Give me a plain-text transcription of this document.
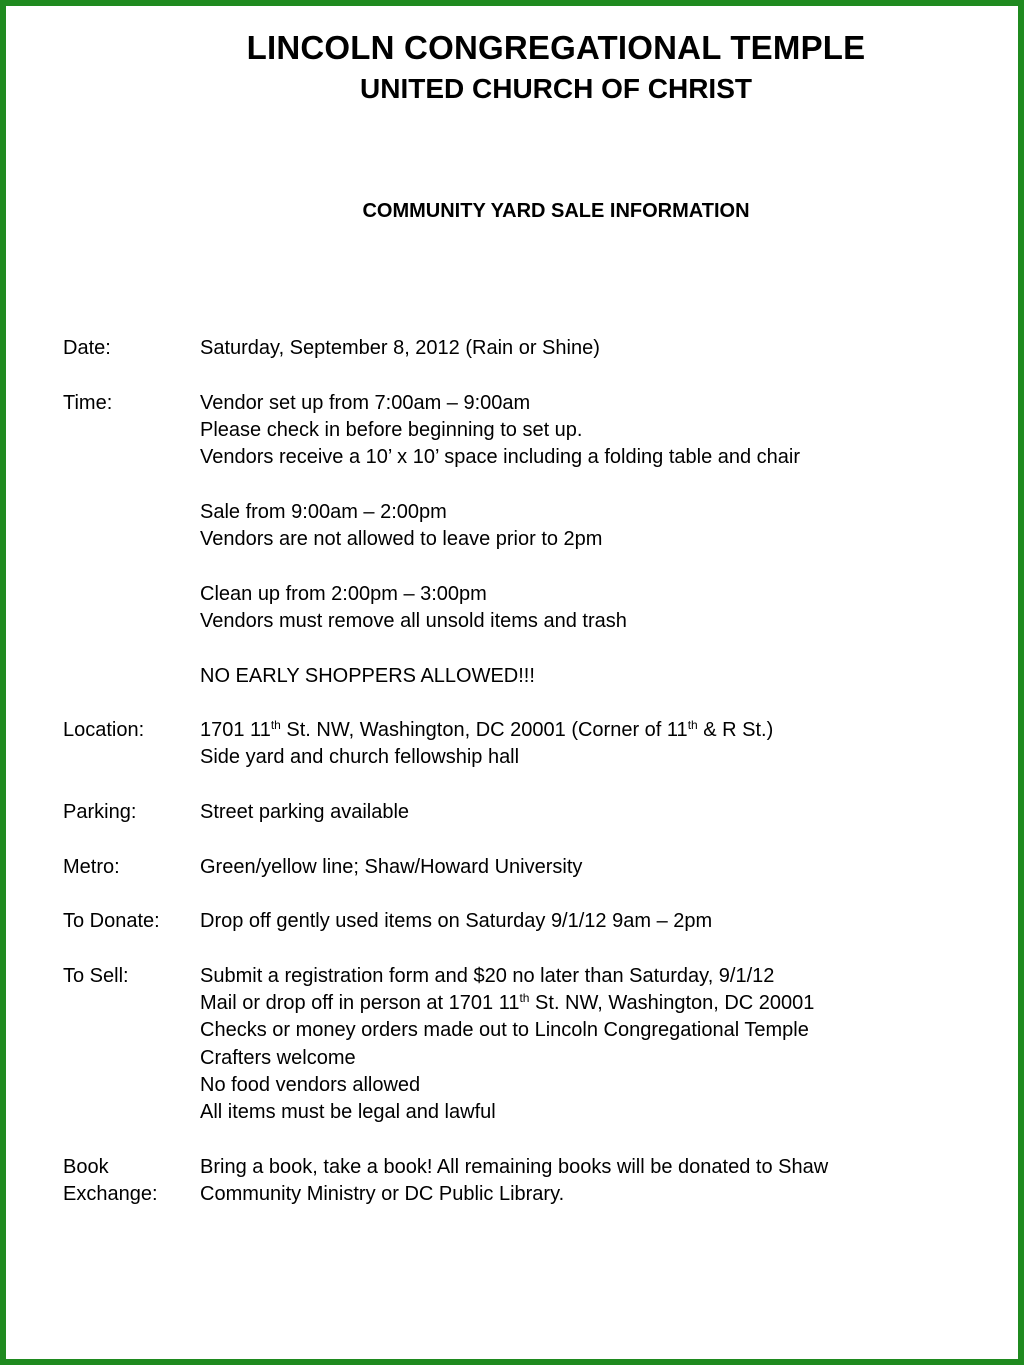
LINCOLN CONGREGATIONAL TEMPLE
UNITED CHURCH OF CHRIST
COMMUNITY YARD SALE INFORMATION
Date:	Saturday, September 8, 2012 (Rain or Shine)
Time:	Vendor set up from 7:00am – 9:00am
Please check in before beginning to set up.
Vendors receive a 10’ x 10’ space including a folding table and chair
Sale from 9:00am – 2:00pm
Vendors are not allowed to leave prior to 2pm
Clean up from 2:00pm – 3:00pm
Vendors must remove all unsold items and trash
NO EARLY SHOPPERS ALLOWED!!!
Location:	1701 11th St. NW, Washington, DC 20001 (Corner of 11th & R St.)
Side yard and church fellowship hall
Parking:	Street parking available
Metro:	Green/yellow line; Shaw/Howard University
To Donate:	Drop off gently used items on Saturday 9/1/12 9am – 2pm
To Sell:	Submit a registration form and $20 no later than Saturday, 9/1/12
Mail or drop off in person at 1701 11th St. NW, Washington, DC 20001
Checks or money orders made out to Lincoln Congregational Temple
Crafters welcome
No food vendors allowed
All items must be legal and lawful
Book
Exchange:
Bring a book, take a book! All remaining books will be donated to Shaw
Community Ministry or DC Public Library.
